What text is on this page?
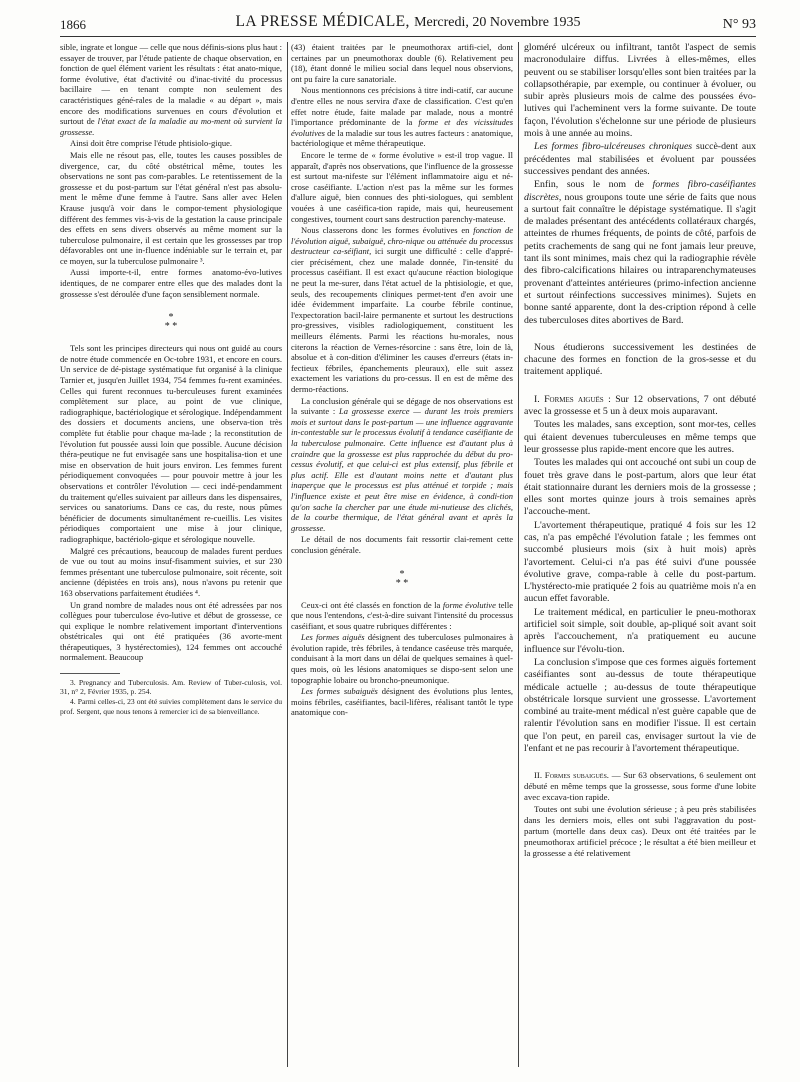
1866	LA PRESSE MÉDICALE, Mercredi, 20 Novembre 1935	N° 93

sible, ingrate et longue — celle que nous définis-sions plus haut : essayer de trouver, par l'étude patiente de chaque observation, en fonction de quel élément varient les résultats : état anato-mique, forme évolutive, état d'activité ou d'inac-tivité du processus bacillaire — en tenant compte non seulement des caractéristiques géné-rales de la maladie « au départ », mais encore des modifications survenues en cours d'évolution et surtout de l'état exact de la maladie au mo-ment où survient la grossesse.

Ainsi doit être comprise l'étude phtisiolo-gique.

Mais elle ne résout pas, elle, toutes les causes possibles de divergence, car, du côté obstétrical même, toutes les observations ne sont pas com-parables. Le retentissement de la grossesse et du post-partum sur l'état général n'est pas absolu-ment le même d'une femme à l'autre. Sans aller avec Helen Krause jusqu'à voir dans le compor-tement physiologique différent des femmes vis-à-vis de la gestation la cause principale des effets en sens divers observés au même moment sur la tuberculose pulmonaire, il est certain que les grossesses par trop défavorables ont une in-fluence indéniable sur le terrain et, par ce moyen, sur la tuberculose pulmonaire ³.

Aussi importe-t-il, entre formes anatomo-évo-lutives identiques, de ne comparer entre elles que des malades dont la grossesse s'est déroulée d'une façon sensiblement normale.

*
* *

Tels sont les principes directeurs qui nous ont guidé au cours de notre étude commencée en Oc-tobre 1931, et encore en cours. Un service de dé-pistage systématique fut organisé à la clinique Tarnier et, jusqu'en Juillet 1934, 754 femmes fu-rent examinées. Celles qui furent reconnues tu-berculeuses furent examinées complètement sur place, au point de vue clinique, radiographique, bactériologique et sérologique. Indépendamment des dossiers et documents anciens, une observa-tion très complète fut établie pour chaque ma-lade ; la reconstitution de l'évolution fut poussée aussi loin que possible. Aucune décision théra-peutique ne fut envisagée sans une hospitalisa-tion et une mise en observation de huit jours environ. Les femmes furent périodiquement convoquées — pour pouvoir mettre à jour les observations et contrôler l'évolution — ceci indé-pendamment du traitement qu'elles suivaient par ailleurs dans les dispensaires, services ou sanatoriums. Dans ce cas, du reste, nous pûmes bénéficier de documents simultanément re-cueillis. Les visites périodiques comportaient une mise à jour clinique, radiographique, bactériolo-gique et sérologique nouvelle.

Malgré ces précautions, beaucoup de malades furent perdues de vue ou tout au moins insuf-fisamment suivies, et sur 230 femmes présentant une tuberculose pulmonaire, soit récente, soit ancienne (dépistées en trois ans), nous n'avons pu retenir que 163 observations parfaitement étudiées ⁴.

Un grand nombre de malades nous ont été adressées par nos collègues pour tuberculose évo-lutive et début de grossesse, ce qui explique le nombre relativement important d'interventions obstétricales qui ont été pratiquées (36 avorte-ment thérapeutiques, 3 hystérectomies), 124 femmes ont accouché normalement. Beaucoup

3. Pregnancy and Tuberculosis. Am. Review of Tuber-culosis, vol. 31, n° 2, Février 1935, p. 254.

4. Parmi celles-ci, 23 ont été suivies complètement dans le service du prof. Sergent, que nous tenons à remercier ici de sa bienveillance.

(43) étaient traitées par le pneumothorax artifi-ciel, dont certaines par un pneumothorax double (6). Relativement peu (18), étant donné le milieu social dans lequel nous observions, ont pu faire la cure sanatoriale.

Nous mentionnons ces précisions à titre indi-catif, car aucune d'entre elles ne nous servira d'axe de classification. C'est qu'en effet notre étude, faite malade par malade, nous a montré l'importance prédominante de la forme et des vicissitudes évolutives de la maladie sur tous les autres facteurs : anatomique, bactériologique et même thérapeutique.

Encore le terme de « forme évolutive » est-il trop vague. Il apparaît, d'après nos observations, que l'influence de la grossesse est surtout ma-nifeste sur l'élément inflammatoire aigu et né-crose caséifiante. L'action n'est pas la même sur les formes d'allure aiguë, bien connues des phti-siologues, qui semblent vouées à une caséifica-tion rapide, mais qui, heureusement congestives, tournent court sans destruction parenchy-mateuse.

Nous classerons donc les formes évolutives en fonction de l'évolution aiguë, subaiguë, chro-nique ou atténuée du processus destructeur ca-séifiant, ici surgit une difficulté : celle d'appré-cier précisément, chez une malade donnée, l'in-tensité du processus caséifiant. Il est exact qu'aucune réaction biologique ne peut la me-surer, dans l'état actuel de la phtisiologie, et que, seuls, des recoupements cliniques permet-tent d'en avoir une idée évidemment imparfaite. La courbe fébrile continue, l'expectoration bacil-laire permanente et surtout les destructions pro-gressives, visibles radiologiquement, constituent les meilleurs éléments. Parmi les réactions hu-morales, nous citerons la réaction de Vernes-résorcine : sans être, loin de là, absolue et à con-dition d'éliminer les causes d'erreurs (états in-fectieux fébriles, épanchements pleuraux), elle suit assez exactement les variations du pro-cessus. Il en est de même des dermo-réactions.

La conclusion générale qui se dégage de nos observations est la suivante : La grossesse exerce — durant les trois premiers mois et surtout dans le post-partum — une influence aggravante in-contestable sur le processus évolutif à tendance caséifiante de la tuberculose pulmonaire. Cette influence est d'autant plus à craindre que la grossesse est plus rapprochée du début du pro-cessus évolutif, et que celui-ci est plus extensif, plus fébrile et plus actif. Elle est d'autant moins nette et d'autant plus inaperçue que le processus est plus atténué et torpide ; mais l'influence existe et peut être mise en évidence, à condi-tion qu'on sache la chercher par une étude mi-nutieuse des clichés, de la courbe thermique, de l'état général avant et après la grossesse.

Le détail de nos documents fait ressortir clai-rement cette conclusion générale.

*
* *

Ceux-ci ont été classés en fonction de la forme évolutive telle que nous l'entendons, c'est-à-dire suivant l'intensité du processus caséifiant, et sous quatre rubriques différentes :

Les formes aiguës désignent des tuberculoses pulmonaires à évolution rapide, très fébriles, à tendance caséeuse très marquée, conduisant à la mort dans un délai de quelques semaines à quel-ques mois, où les lésions anatomiques se dispo-sent selon une topographie lobaire ou broncho-pneumonique.

Les formes subaiguës désignent des évolutions plus lentes, moins fébriles, caséifiantes, bacil-lifères, réalisant tantôt le type anatomique con-

gloméré ulcéreux ou infiltrant, tantôt l'aspect de semis macronodulaire diffus. Livrées à elles-mêmes, elles peuvent ou se stabiliser lorsqu'elles sont bien traitées par la collapsothérapie, par exemple, ou continuer à évoluer, ou subir après plusieurs mois de calme des poussées évo-lutives qui l'acheminent vers la forme suivante. De toute façon, l'évolution s'échelonne sur une période de plusieurs mois à une année au moins.

Les formes fibro-ulcéreuses chroniques succè-dent aux précédentes mal stabilisées et évoluent par poussées successives pendant des années.

Enfin, sous le nom de formes fibro-caséifiantes discrètes, nous groupons toute une série de faits que nous a surtout fait connaître le dépistage systématique. Il s'agit de malades présentant des antécédents collatéraux chargés, atteintes de rhumes fréquents, de points de côté, parfois de petits crachements de sang qui ne font jamais leur preuve, tant ils sont minimes, mais chez qui la radiographie révèle des fibro-calcifications hilaires ou intraparenchymateuses provenant d'atteintes antérieures (primo-infection ancienne et surtout réinfections successives minimes). Sujets en bonne santé apparente, dont la des-cription répond à celle des tuberculoses dites abortives de Bard.

Nous étudierons successivement les destinées de chacune des formes en fonction de la gros-sesse et du traitement appliqué.

I. Formes aiguës : Sur 12 observations, 7 ont débuté avec la grossesse et 5 un à deux mois auparavant.

Toutes les malades, sans exception, sont mor-tes, celles qui étaient devenues tuberculeuses en même temps que leur grossesse plus rapide-ment encore que les autres.

Toutes les malades qui ont accouché ont subi un coup de fouet très grave dans le post-partum, alors que leur état était stationnaire durant les derniers mois de la grossesse ; elles sont mortes quinze jours à trois semaines après l'accouche-ment.

L'avortement thérapeutique, pratiqué 4 fois sur les 12 cas, n'a pas empêché l'évolution fatale ; les femmes ont succombé plusieurs mois (six à huit mois) après l'avortement. Celui-ci n'a pas été suivi d'une poussée évolutive grave, compa-rable à celle du post-partum. L'hystérecto-mie pratiquée 2 fois au quatrième mois n'a en aucun effet favorable.

Le traitement médical, en particulier le pneu-mothorax artificiel soit simple, soit double, ap-pliqué soit avant soit après l'accouchement, n'a pratiquement eu aucune influence sur l'évolu-tion.

La conclusion s'impose que ces formes aiguës fortement caséifiantes sont au-dessus de toute thérapeutique médicale actuelle ; au-dessus de toute thérapeutique obstétricale lorsque survient une grossesse. L'avortement combiné au traite-ment médical n'est guère capable que de ralentir l'évolution sans en modifier l'issue. Il est certain que l'on peut, en pareil cas, envisager surtout la vie de l'enfant et ne pas recourir à l'avortement thérapeutique.

II. Formes subaiguës. — Sur 63 observations, 6 seulement ont débuté en même temps que la grossesse, sous forme d'une lobite avec excava-tion rapide.

Toutes ont subi une évolution sérieuse ; à peu près stabilisées dans les derniers mois, elles ont subi l'aggravation du post-partum (mortelle dans deux cas). Deux ont été traitées par le pneumothorax artificiel précoce ; le résultat a été bien meilleur et la grossesse a été relativement
